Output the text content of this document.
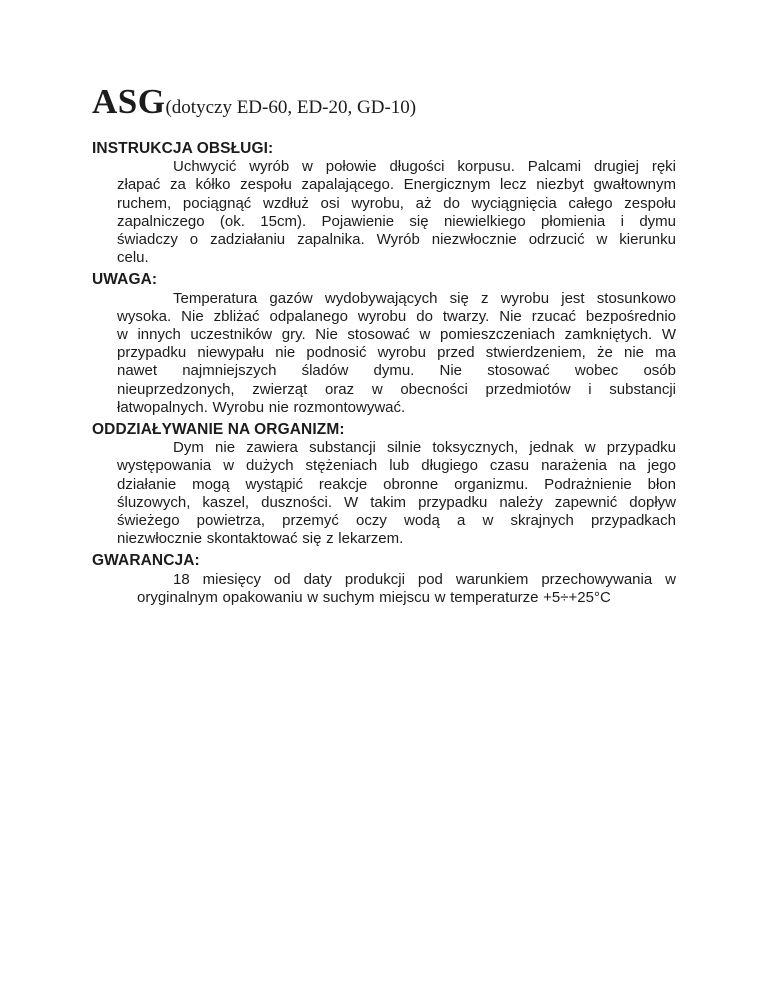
ASG(dotyczy ED-60, ED-20, GD-10)
INSTRUKCJA OBSŁUGI:
Uchwycić wyrób w połowie długości korpusu. Palcami drugiej ręki
złapać za kółko zespołu zapalającego. Energicznym lecz niezbyt gwałtownym
ruchem, pociągnąć wzdłuż osi wyrobu, aż do wyciągnięcia całego zespołu
zapalniczego (ok. 15cm). Pojawienie się niewielkiego płomienia i dymu
świadczy o zadziałaniu zapalnika. Wyrób niezwłocznie odrzucić w kierunku
celu.
UWAGA:
Temperatura gazów wydobywających się z wyrobu jest stosunkowo
wysoka. Nie zbliżać odpalanego wyrobu do twarzy. Nie rzucać bezpośrednio
w innych uczestników gry. Nie stosować w pomieszczeniach zamkniętych. W
przypadku niewypału nie podnosić wyrobu przed stwierdzeniem, że nie ma
nawet najmniejszych śladów dymu. Nie stosować wobec osób
nieuprzedzonych, zwierząt oraz w obecności przedmiotów i substancji
łatwopalnych. Wyrobu nie rozmontowywać.
ODDZIAŁYWANIE NA ORGANIZM:
Dym nie zawiera substancji silnie toksycznych, jednak w przypadku
występowania w dużych stężeniach lub długiego czasu narażenia na jego
działanie mogą wystąpić reakcje obronne organizmu. Podrażnienie błon
śluzowych, kaszel, duszności. W takim przypadku należy zapewnić dopływ
świeżego powietrza, przemyć oczy wodą a w skrajnych przypadkach
niezwłocznie skontaktować się z lekarzem.
GWARANCJA:
18 miesięcy od daty produkcji pod warunkiem przechowywania w
oryginalnym opakowaniu w suchym miejscu w temperaturze +5÷+25°C
